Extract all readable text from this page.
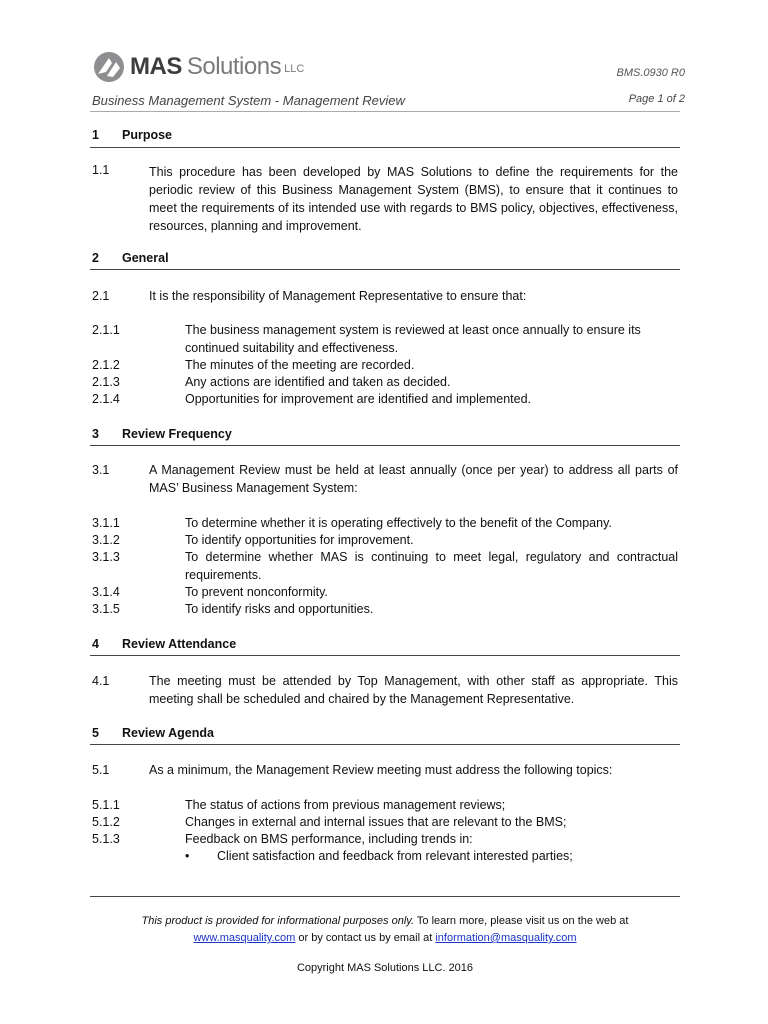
MAS Solutions LLC	BMS.0930 R0
Business Management System - Management Review	Page 1 of 2
1 Purpose
1.1	This procedure has been developed by MAS Solutions to define the requirements for the periodic review of this Business Management System (BMS), to ensure that it continues to meet the requirements of its intended use with regards to BMS policy, objectives, effectiveness, resources, planning and improvement.
2 General
2.1	It is the responsibility of Management Representative to ensure that:
2.1.1	The business management system is reviewed at least once annually to ensure its continued suitability and effectiveness.
2.1.2	The minutes of the meeting are recorded.
2.1.3	Any actions are identified and taken as decided.
2.1.4	Opportunities for improvement are identified and implemented.
3 Review Frequency
3.1	A Management Review must be held at least annually (once per year) to address all parts of MAS’ Business Management System:
3.1.1	To determine whether it is operating effectively to the benefit of the Company.
3.1.2	To identify opportunities for improvement.
3.1.3	To determine whether MAS is continuing to meet legal, regulatory and contractual requirements.
3.1.4	To prevent nonconformity.
3.1.5	To identify risks and opportunities.
4 Review Attendance
4.1	The meeting must be attended by Top Management, with other staff as appropriate. This meeting shall be scheduled and chaired by the Management Representative.
5 Review Agenda
5.1	As a minimum, the Management Review meeting must address the following topics:
5.1.1	The status of actions from previous management reviews;
5.1.2	Changes in external and internal issues that are relevant to the BMS;
5.1.3	Feedback on BMS performance, including trends in:
• Client satisfaction and feedback from relevant interested parties;
This product is provided for informational purposes only. To learn more, please visit us on the web at
www.masquality.com or by contact us by email at information@masquality.com
Copyright MAS Solutions LLC. 2016
